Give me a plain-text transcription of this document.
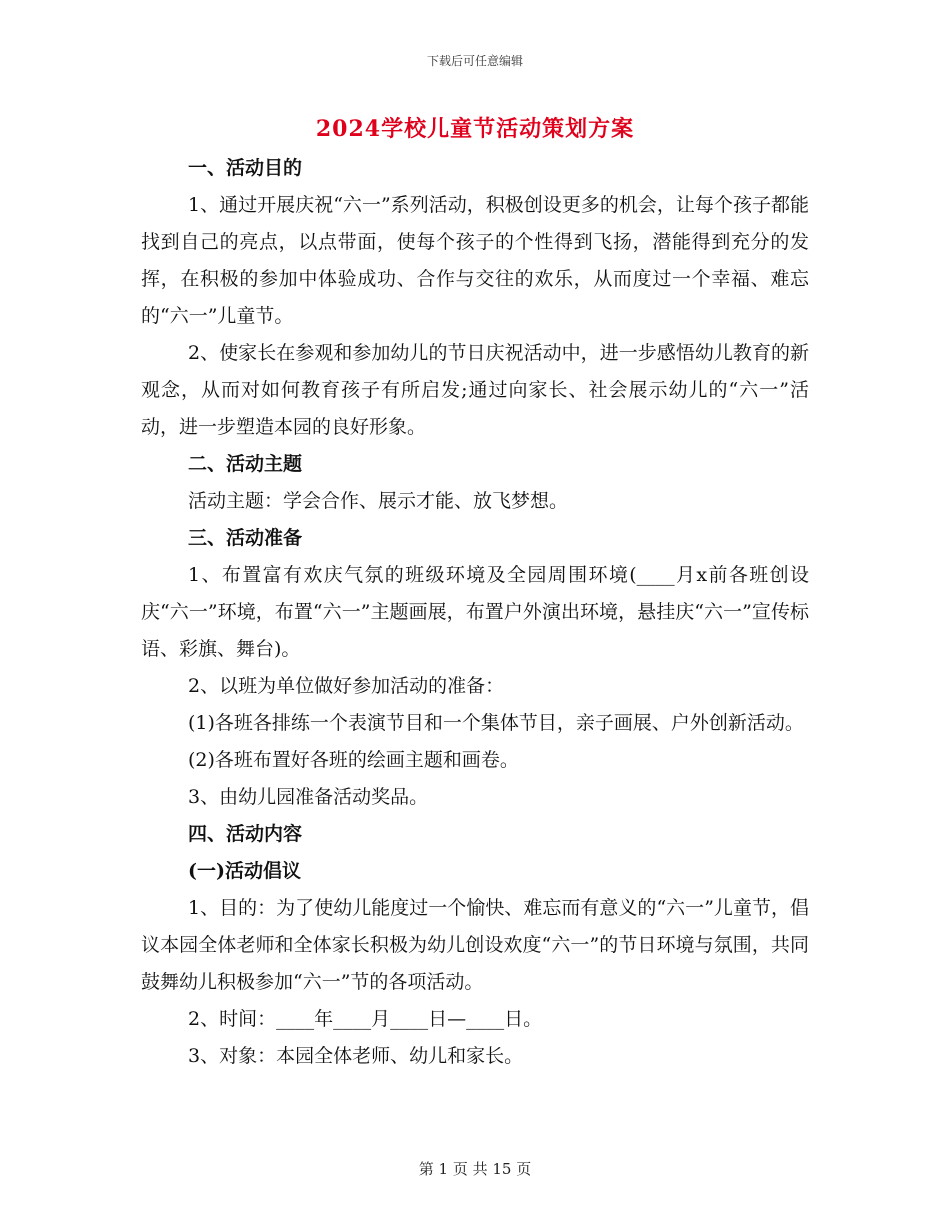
下载后可任意编辑
2024学校儿童节活动策划方案
一、活动目的

1、通过开展庆祝“六一”系列活动，积极创设更多的机会，让每个孩子都能找到自己的亮点，以点带面，使每个孩子的个性得到飞扬，潜能得到充分的发挥，在积极的参加中体验成功、合作与交往的欢乐，从而度过一个幸福、难忘的“六一”儿童节。

2、使家长在参观和参加幼儿的节日庆祝活动中，进一步感悟幼儿教育的新观念，从而对如何教育孩子有所启发;通过向家长、社会展示幼儿的“六一”活动，进一步塑造本园的良好形象。

二、活动主题

活动主题：学会合作、展示才能、放飞梦想。

三、活动准备

1、布置富有欢庆气氛的班级环境及全园周围环境(____月x前各班创设庆“六一”环境，布置“六一”主题画展，布置户外演出环境，悬挂庆“六一”宣传标语、彩旗、舞台)。

2、以班为单位做好参加活动的准备：

(1)各班各排练一个表演节目和一个集体节目，亲子画展、户外创新活动。

(2)各班布置好各班的绘画主题和画卷。

3、由幼儿园准备活动奖品。

四、活动内容
(一)活动倡议

1、目的：为了使幼儿能度过一个愉快、难忘而有意义的“六一”儿童节，倡议本园全体老师和全体家长积极为幼儿创设欢度“六一”的节日环境与氛围，共同鼓舞幼儿积极参加“六一”节的各项活动。

2、时间：____年____月____日—____日。

3、对象：本园全体老师、幼儿和家长。

第 1 页 共 15 页
